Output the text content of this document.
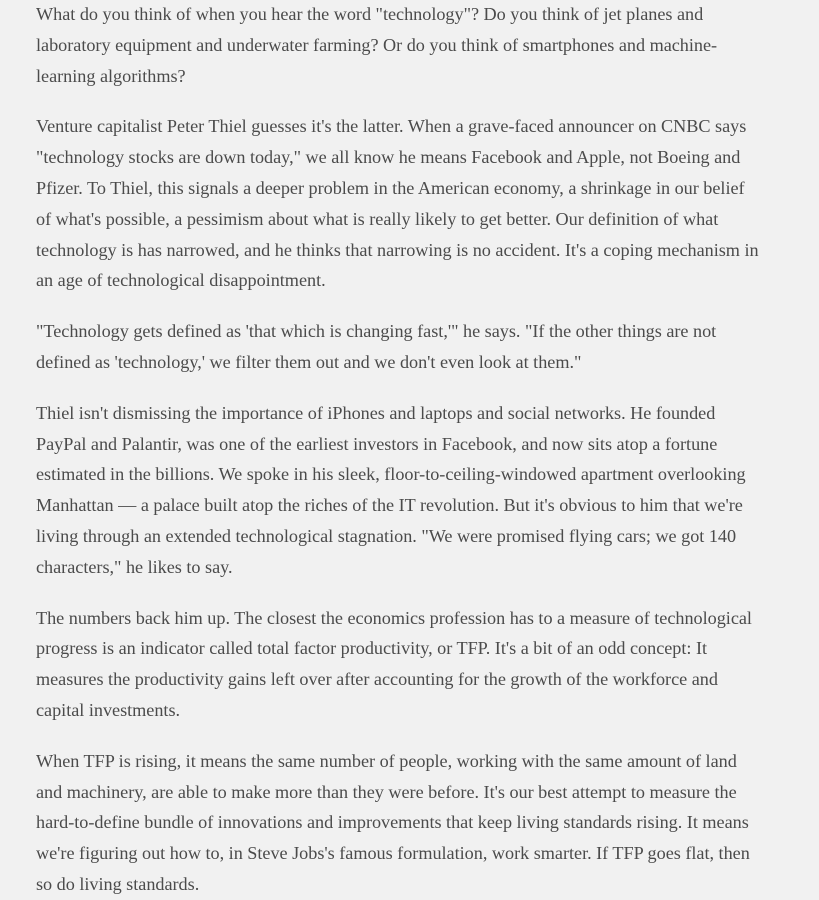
What do you think of when you hear the word "technology"? Do you think of jet planes and
laboratory equipment and underwater farming? Or do you think of smartphones and machine-
learning algorithms?

Venture capitalist Peter Thiel guesses it's the latter. When a grave-faced announcer on CNBC says
"technology stocks are down today," we all know he means Facebook and Apple, not Boeing and
Pfizer. To Thiel, this signals a deeper problem in the American economy, a shrinkage in our belief
of what's possible, a pessimism about what is really likely to get better. Our definition of what
technology is has narrowed, and he thinks that narrowing is no accident. It's a coping mechanism in
an age of technological disappointment.

"Technology gets defined as 'that which is changing fast,'" he says. "If the other things are not
defined as 'technology,' we filter them out and we don't even look at them."

Thiel isn't dismissing the importance of iPhones and laptops and social networks. He founded
PayPal and Palantir, was one of the earliest investors in Facebook, and now sits atop a fortune
estimated in the billions. We spoke in his sleek, floor-to-ceiling-windowed apartment overlooking
Manhattan — a palace built atop the riches of the IT revolution. But it's obvious to him that we're
living through an extended technological stagnation. "We were promised flying cars; we got 140
characters," he likes to say.

The numbers back him up. The closest the economics profession has to a measure of technological
progress is an indicator called total factor productivity, or TFP. It's a bit of an odd concept: It
measures the productivity gains left over after accounting for the growth of the workforce and
capital investments.

When TFP is rising, it means the same number of people, working with the same amount of land
and machinery, are able to make more than they were before. It's our best attempt to measure the
hard-to-define bundle of innovations and improvements that keep living standards rising. It means
we're figuring out how to, in Steve Jobs's famous formulation, work smarter. If TFP goes flat, then
so do living standards.
